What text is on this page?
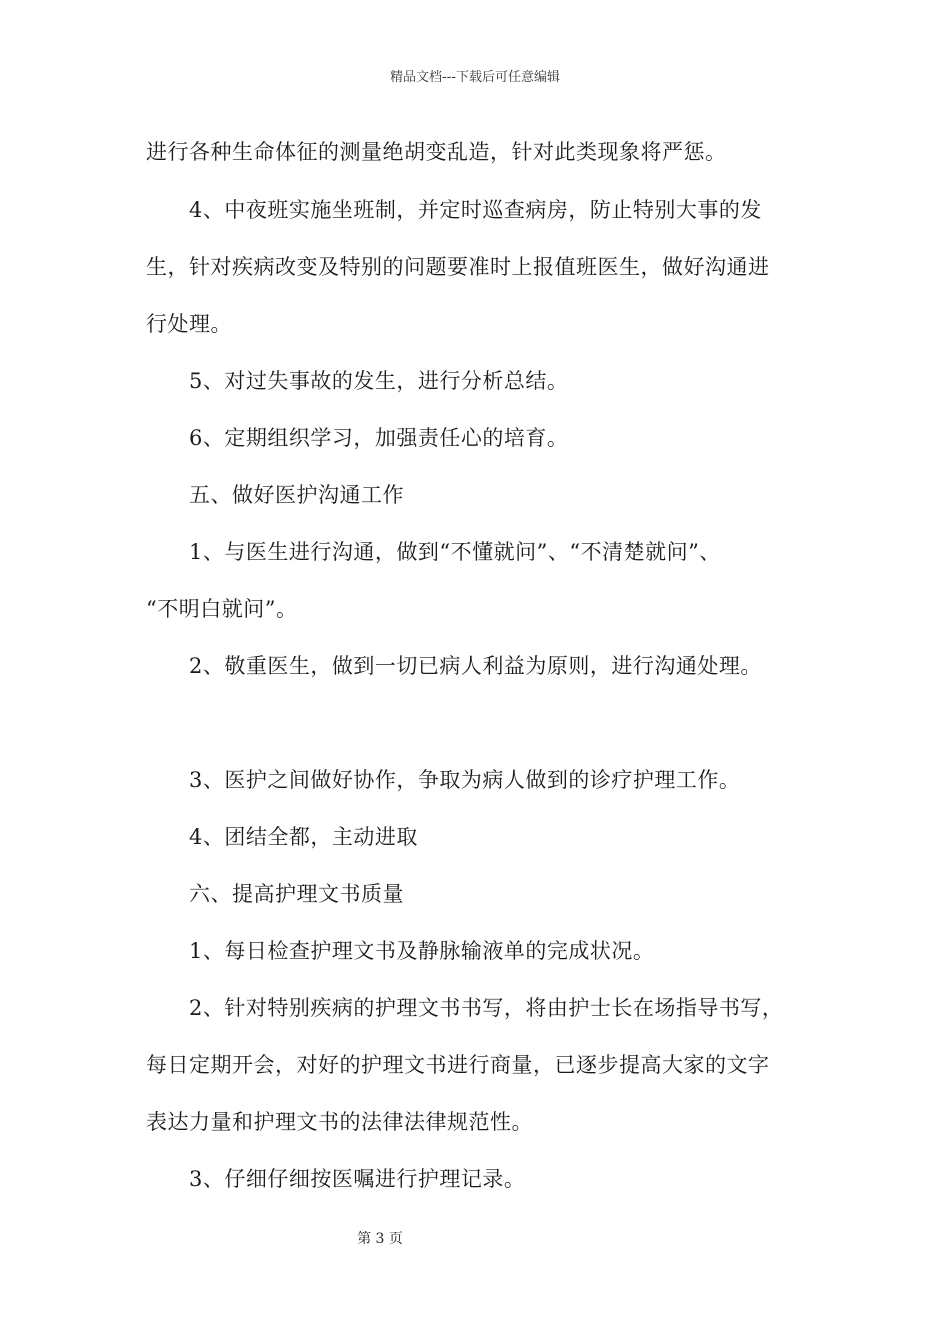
精品文档---下载后可任意编辑
进行各种生命体征的测量绝胡变乱造，针对此类现象将严惩。
　　4、中夜班实施坐班制，并定时巡查病房，防止特别大事的发
生，针对疾病改变及特别的问题要准时上报值班医生，做好沟通进
行处理。
　　5、对过失事故的发生，进行分析总结。
　　6、定期组织学习，加强责任心的培育。
　　五、做好医护沟通工作
　　1、与医生进行沟通，做到“不懂就问”、“不清楚就问”、
“不明白就问”。
　　2、敬重医生，做到一切已病人利益为原则，进行沟通处理。
　　3、医护之间做好协作，争取为病人做到的诊疗护理工作。
　　4、团结全都，主动进取
　　六、提高护理文书质量
　　1、每日检查护理文书及静脉输液单的完成状况。
　　2、针对特别疾病的护理文书书写，将由护士长在场指导书写，
每日定期开会，对好的护理文书进行商量，已逐步提高大家的文字
表达力量和护理文书的法律法律规范性。
　　3、仔细仔细按医嘱进行护理记录。
第 3 页
